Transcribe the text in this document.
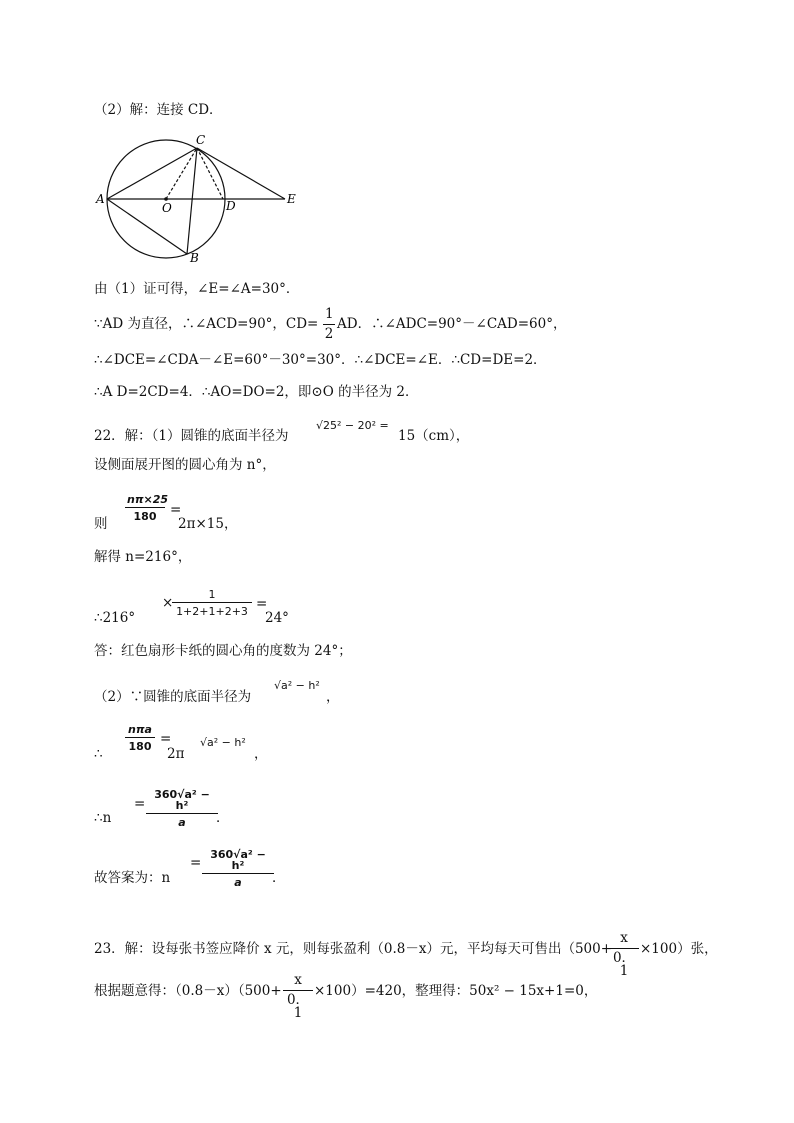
（2）解：连接 CD．
A
C
O	D	E
B
由（1）证可得，∠E=∠A=30°．
∵AD 为直径，∴∠ACD=90°，CD=
1
2
AD．∴∠ADC=90°－∠CAD=60°，
∴∠DCE=∠CDA－∠E=60°－30°=30°．∴∠DCE=∠E．∴CD=DE=2．
∴A D=2CD=4．∴AO=DO=2，即⊙O 的半径为 2．
22．解：（1）圆锥的底面半径为
√25² − 20² =
15（cm），
设侧面展开图的圆心角为 n°，
则
nπ×25
180	=
2π×15，
解得 n=216°，
∴216°
×
1
1+2+1+2+3 =
24°
答：红色扇形卡纸的圆心角的度数为 24°；
（2）∵圆锥的底面半径为
√a² − h²
，
∴
nπa
180 =
2π
√a² − h²
，
∴n
=
360√a² − h²
a	．
故答案为：n
=
360√a² − h²
a	．
23．解：设每张书签应降价 x 元，则每张盈利（0.8－x）元，平均每天可售出（500+
x
0．1
×100）张，
根据题意得：（0.8－x）（500+
x
0．1
×100）=420，整理得：50x² − 15x+1=0，
